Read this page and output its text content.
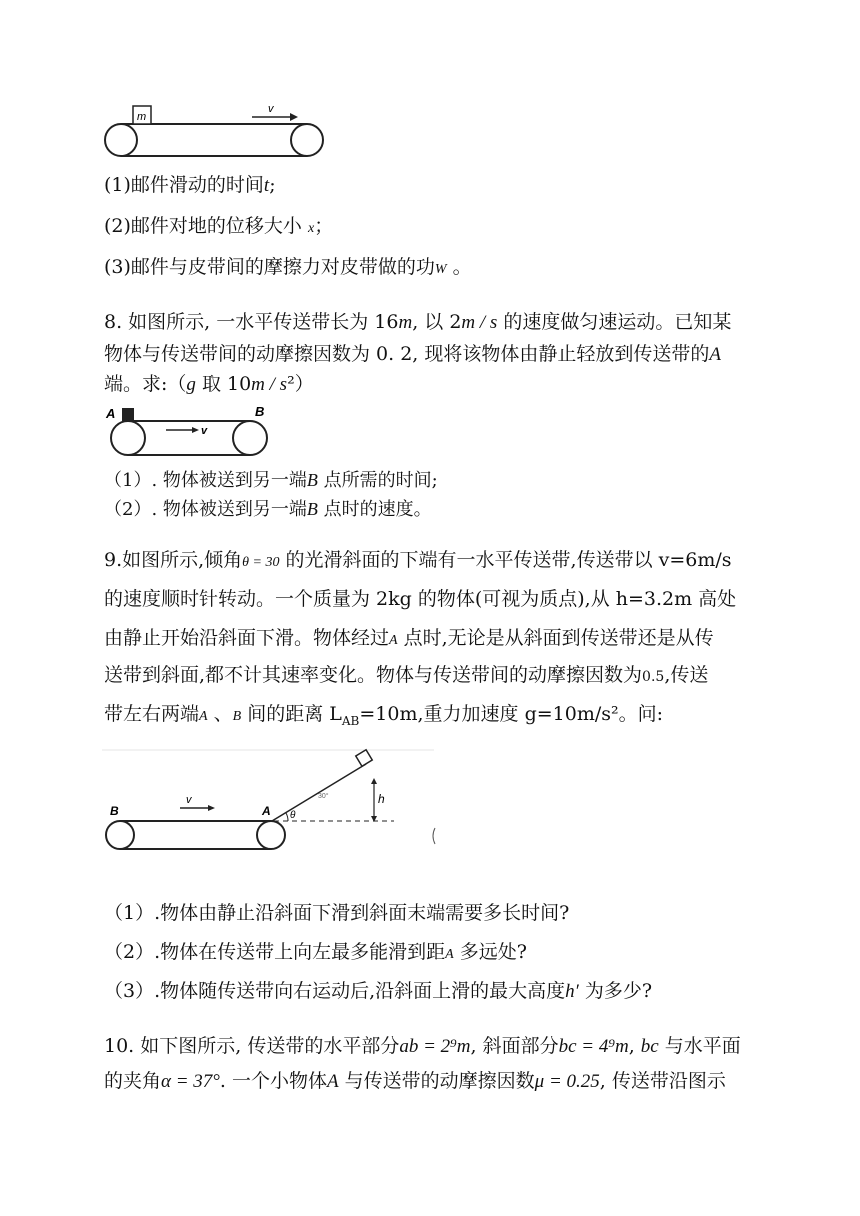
m
v
(1)邮件滑动的时间t;
(2)邮件对地的位移大小 x；
(3)邮件与皮带间的摩擦力对皮带做的功W 。
8. 如图所示, 一水平传送带长为 16m, 以 2m / s 的速度做匀速运动。已知某
物体与传送带间的动摩擦因数为 0. 2, 现将该物体由静止轻放到传送带的A
端。求:（g 取 10m / s²）
A	B
v
（1）. 物体被送到另一端B 点所需的时间;
（2）. 物体被送到另一端B 点时的速度。
9.如图所示,倾角θ = 30 的光滑斜面的下端有一水平传送带,传送带以 v=6m/s
的速度顺时针转动。一个质量为 2kg 的物体(可视为质点),从 h=3.2m 高处
由静止开始沿斜面下滑。物体经过A 点时,无论是从斜面到传送带还是从传
送带到斜面,都不计其速率变化。物体与传送带间的动摩擦因数为0.5,传送
带左右两端A 、B 间的距离 $L_{AB}=10m$,重力加速度 g=10m/s²。问:
B	A
v	h
θ
30°
（1）.物体由静止沿斜面下滑到斜面末端需要多长时间?
（2）.物体在传送带上向左最多能滑到距A 多远处?
（3）.物体随传送带向右运动后,沿斜面上滑的最大高度h′ 为多少?
10. 如下图所示, 传送带的水平部分ab = 2⁹m, 斜面部分bc = 4⁹m, bc 与水平面
的夹角α = 37°. 一个小物体A 与传送带的动摩擦因数μ = 0.25, 传送带沿图示
